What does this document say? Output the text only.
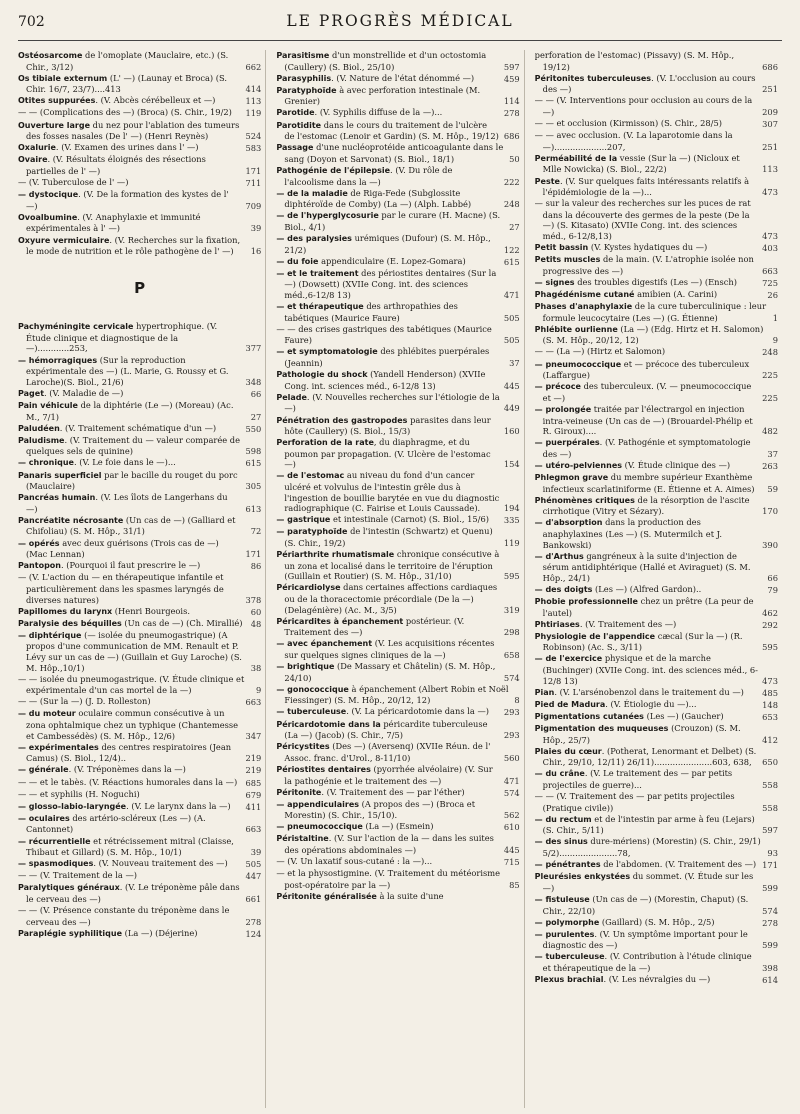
702	LE PROGRÈS MÉDICAL
Ostéosarcome de l'omoplate (Mauclaire, etc.) (S. Chir., 3/12)	662
Os tibiale externum (L' —) (Launay et Broca) (S. Chir. 16/7, 23/7)....413	414
Otites suppurées. (V. Abcès cérébelleux et —)	113
— — (Complications des —) (Broca) (S. Chir., 19/2)	119
Ouverture large du nez pour l'ablation des tumeurs des fosses nasales (De l' —) (Henri Reynès)	524
Oxalurie. (V. Examen des urines dans l' —)	583
Ovaire. (V. Résultats éloignés des résections partielles de l' —)	171
— (V. Tuberculose de l' —)	711
— dystocique. (V. De la formation des kystes de l' —)	709
Ovoalbumine. (V. Anaphylaxie et immunité expérimentales à l' —)	39
Oxyure vermiculaire. (V. Recherches sur la fixation, le mode de nutrition et le rôle pathogène de l' —)	16
P
Pachyméningite cervicale hypertrophique. (V. Étude clinique et diagnostique de la —)............253,	377
— hémorragiques (Sur la reproduction expérimentale des —) (L. Marie, G. Roussy et G. Laroche)(S. Biol., 21/6)	348
Paget. (V. Maladie de —)	66
Pain véhicule de la diphtérie (Le —) (Moreau) (Ac. M., 7/1)	27
Paludéen. (V. Traitement schématique d'un —)	550
Paludisme. (V. Traitement du — valeur comparée de quelques sels de quinine)	598
— chronique. (V. Le foie dans le —)...	615
Panaris superficiel par le bacille du rouget du porc (Mauclaire)	305
Pancréas humain. (V. Les îlots de Langerhans du —)	613
Pancréatite nécrosante (Un cas de —) (Galliard et Chifoliau) (S. M. Hôp., 31/1)	72
— opérés avec deux guérisons (Trois cas de —) (Mac Lennan)	171
Pantopon. (Pourquoi il faut prescrire le —)	86
— (V. L'action du — en thérapeutique infantile et particulièrement dans les spasmes laryngés de diverses natures)	378
Papillomes du larynx (Henri Bourgeois.	60
Paralysie des béquilles (Un cas de —) (Ch. Mirallié) 48
— diphtérique (— isolée du pneumogastrique) (A propos d'une communication de MM. Renault et P. Lévy sur un cas de —) (Guillain et Guy Laroche) (S. M. Hôp.,10/1)	38
— — isolée du pneumogastrique. (V. Étude clinique et expérimentale d'un cas mortel de la —)	9
— — (Sur la —) (J. D. Rolleston)	663
— du moteur oculaire commun consécutive à un zona ophtalmique chez un typhique (Chantemesse et Cambessédès) (S. M. Hôp., 12/6)	347
— expérimentales des centres respiratoires (Jean Camus) (S. Biol., 12/4)..	219
— générale. (V. Tréponèmes dans la —)	219
— — et le tabès. (V. Réactions humorales dans la —) 685
— — et syphilis (H. Noguchi)	679
— glosso-labio-laryngée. (V. Le larynx dans la —)	411
— oculaires des artério-scléreux (Les —) (A. Cantonnet)	663
— récurrentielle et rétrécissement mitral (Claisse, Thibaut et Gillard) (S. M. Hôp., 10/1)	39
— spasmodiques. (V. Nouveau traitement des —)	505
— — (V. Traitement de la —)	447
Paralytiques généraux. (V. Le tréponème pâle dans le cerveau des —)	661
— — (V. Présence constante du tréponème dans le cerveau des —)	278
Paraplégie syphilitique (La —) (Déjerine)	124
Parasitisme d'un monstrellide et d'un octostomia (Caullery) (S. Biol., 25/10)	597
Parasyphilis. (V. Nature de l'état dénommé —)	459
Paratyphoïde à avec perforation intestinale (M. Grenier)	114
Parotide. (V. Syphilis diffuse de la —)...	278
Parotidite dans le cours du traitement de l'ulcère de l'estomac (Lenoir et Gardin) (S. M. Hôp., 19/12) 686
Passage d'une nucléoprotéide anticoagulante dans le sang (Doyon et Sarvonat) (S. Biol., 18/1)	50
Pathogénie de l'épilepsie. (V. Du rôle de l'alcoolisme dans la —)	222
— de la maladie de Riga-Fede (Subglossite diphtéroïde de Comby) (La —) (Alph. Labbé)	248
— de l'hyperglycosurie par le curare (H. Macne) (S. Biol., 4/1)	27
— des paralysies urémiques (Dufour) (S. M. Hôp., 21/2)	122
— du foie appendiculaire (E. Lopez-Gomara)	615
— et le traitement des périostites dentaires (Sur la —) (Dowsett) (XVIIe Cong. int. des sciences méd.,6-12/8 13)	471
— et thérapeutique des arthropathies des tabétiques (Maurice Faure)	505
— — des crises gastriques des tabétiques (Maurice Faure)	505
— et symptomatologie des phlébites puerpérales (Jeannin)	37
Pathologie du shock (Yandell Henderson) (XVIIe Cong. int. sciences méd., 6-12/8 13)	445
Pelade. (V. Nouvelles recherches sur l'étiologie de la —)	449
Pénétration des gastropodes parasites dans leur hôte (Caullery) (S. Biol., 15/3)	160
Perforation de la rate, du diaphragme, et du poumon par propagation. (V. Ulcère de l'estomac —)	154
— de l'estomac au niveau du fond d'un cancer ulcéré et volvulus de l'intestin grêle dus à l'ingestion de bouillie barytée en vue du diagnostic radiographique (C. Fairise et Louis Caussade).	194
— gastrique et intestinale (Carnot) (S. Biol., 15/6)	335
— paratyphoïde de l'intestin (Schwartz) et Quenu) (S. Chir., 19/2)	119
Périarthrite rhumatismale chronique consécutive à un zona et localisé dans le territoire de l'éruption (Guillain et Routier) (S. M. Hôp., 31/10)	595
Péricardiolyse dans certaines affections cardiaques ou de la thoracectomie précordiale (De la —) (Delagénière) (Ac. M., 3/5)	319
Péricardites à épanchement postérieur. (V. Traitement des —)	298
— avec épanchement (V. Les acquisitions récentes sur quelques signes cliniques de la —)	658
— brightique (De Massary et Châtelin) (S. M. Hôp., 24/10)	574
— gonococcique à épanchement (Albert Robin et Noël Fiessinger) (S. M. Hôp., 20/12, 12)	8
— tuberculeuse. (V. La péricardotomie dans la —)	293
Péricardotomie dans la péricardite tuberculeuse (La —) (Jacob) (S. Chir., 7/5)	293
Péricystites (Des —) (Aversenq) (XVIIe Réun. de l' Assoc. franc. d'Urol., 8-11/10)	560
Périostites dentaires (pyorrhée alvéolaire) (V. Sur la pathogénie et le traitement des —)	471
Péritonite. (V. Traitement des — par l'éther)	574
— appendiculaires (A propos des —) (Broca et Morestin) (S. Chir., 15/10).	562
— pneumococcique (La —) (Esmein)	610
Péristaltine. (V. Sur l'action de la — dans les suites des opérations abdominales —)	445
— (V. Un laxatif sous-cutané : la —)...	715
— et la physostigmine. (V. Traitement du météorisme post-opératoire par la —)	85
Péritonite généralisée à la suite d'une
perforation de l'estomac) (Pissavy) (S. M. Hôp., 19/12)	686
Péritonites tuberculeuses. (V. L'occlusion au cours des —)	251
— — (V. Interventions pour occlusion au cours de la —)	209
— — et occlusion (Kirmisson) (S. Chir., 28/5)	307
— — avec occlusion. (V. La laparotomie dans la —)....................207,	251
Perméabilité de la vessie (Sur la —) (Nicloux et Mlle Nowicka) (S. Biol., 22/2)	113
Peste. (V. Sur quelques faits intéressants relatifs à l'épidémiologie de la —)...	473
— sur la valeur des recherches sur les puces de rat dans la découverte des germes de la peste (De la —) (S. Kitasato) (XVIIe Cong. int. des sciences méd., 6-12/8,13)	473
Petit bassin (V. Kystes hydatiques du —)	403
Petits muscles de la main. (V. L'atrophie isolée non progressive des —)	663
— signes des troubles digestifs (Les —) (Ensch)	725
Phagédénisme cutané amibien (A. Carini)	26
Phases d'anaphylaxie de la cure tuberculinique : leur formule leucocytaire (Les —) (G. Étienne)	1
Phlébite ourlienne (La —) (Edg. Hirtz et H. Salomon) (S. M. Hôp., 20/12, 12)	9
— — (La —) (Hirtz et Salomon)	248
— pneumococcique et — précoce des tuberculeux (Laffargue)	225
— précoce des tuberculeux. (V. — pneumococcique et —)	225
— prolongée traitée par l'électrargol en injection intra-veineuse (Un cas de —) (Brouardel-Phélip et R. Giroux)....	482
— puerpérales. (V. Pathogénie et symptomatologie des —)	37
— utéro-pelviennes (V. Étude clinique des —)	263
Phlegmon grave du membre supérieur Exanthème infectieux scarlatiniforme (E. Étienne et A. Aimes)	59
Phénomènes critiques de la résorption de l'ascite cirrhotique (Vitry et Sézary).	170
— d'absorption dans la production des anaphylaxines (Les —) (S. Mutermilch et J. Bankowski)	390
— d'Arthus gangréneux à la suite d'injection de sérum antidiphtérique (Hallé et Aviraguet) (S. M. Hôp., 24/1)	66
— des doigts (Les —) (Alfred Gardon)..	79
Phobie professionnelle chez un prêtre (La peur de l'autel)	462
Phtiriases. (V. Traitement des —)	292
Physiologie de l'appendice cæcal (Sur la —) (R. Robinson) (Ac. S., 3/11)	595
— de l'exercice physique et de la marche (Buchinger) (XVIIe Cong. int. des sciences méd., 6-12/8 13)	473
Pian. (V. L'arsénobenzol dans le traitement du —)	485
Pied de Madura. (V. Étiologie du —)...	148
Pigmentations cutanées (Les —) (Gaucher)	653
Pigmentation des muqueuses (Crouzon) (S. M. Hôp., 25/7)	412
Plaies du cœur. (Potherat, Lenormant et Delbet) (S. Chir., 29/10, 12/11) 26/11)......................603, 638,	650
— du crâne. (V. Le traitement des — par petits projectiles de guerre)...	558
— — (V. Traitement des — par petits projectiles (Pratique civile))	558
— du rectum et de l'intestin par arme à feu (Lejars) (S. Chir., 5/11)	597
— des sinus dure-mériens) (Morestin) (S. Chir., 29/1) 5/2)......................78,	93
— pénétrantes de l'abdomen. (V. Traitement des —) 171
Pleurésies enkystées du sommet. (V. Étude sur les —)	599
— fistuleuse (Un cas de —) (Morestin, Chaput) (S. Chir., 22/10)	574
— polymorphe (Gaillard) (S. M. Hôp., 2/5)	278
— purulentes. (V. Un symptôme important pour le diagnostic des —)	599
— tuberculeuse. (V. Contribution à l'étude clinique et thérapeutique de la —)	398
Plexus brachial. (V. Les névralgies du —)	614
